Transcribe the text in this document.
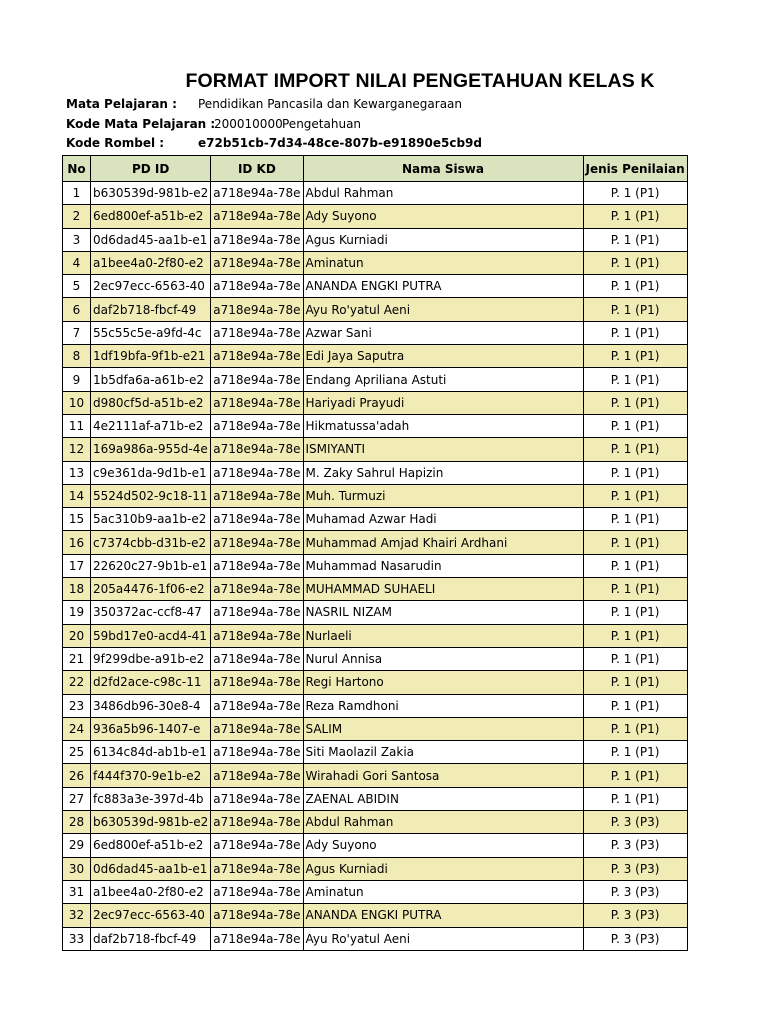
FORMAT IMPORT NILAI PENGETAHUAN KELAS K
Mata Pelajaran : Pendidikan Pancasila dan Kewarganegaraan
Kode Mata Pelajaran :
200010000 Pengetahuan
Kode Rombel :	e72b51cb-7d34-48ce-807b-e91890e5cb9d
No	PD ID	ID KD	Nama Siswa	Jenis Penilaian
1	b630539d-981b-e2	a718e94a-78e	Abdul Rahman	P. 1 (P1)
2	6ed800ef-a51b-e2	a718e94a-78e	Ady Suyono	P. 1 (P1)
3	0d6dad45-aa1b-e1	a718e94a-78e	Agus Kurniadi	P. 1 (P1)
4	a1bee4a0-2f80-e2	a718e94a-78e	Aminatun	P. 1 (P1)
5	2ec97ecc-6563-40	a718e94a-78e	ANANDA ENGKI PUTRA	P. 1 (P1)
6	daf2b718-fbcf-49	a718e94a-78e	Ayu Ro'yatul Aeni	P. 1 (P1)
7	55c55c5e-a9fd-4c	a718e94a-78e	Azwar Sani	P. 1 (P1)
8	1df19bfa-9f1b-e21	a718e94a-78e	Edi Jaya Saputra	P. 1 (P1)
9	1b5dfa6a-a61b-e2	a718e94a-78e	Endang Apriliana Astuti	P. 1 (P1)
10	d980cf5d-a51b-e2	a718e94a-78e	Hariyadi Prayudi	P. 1 (P1)
11	4e2111af-a71b-e2	a718e94a-78e	Hikmatussa'adah	P. 1 (P1)
12	169a986a-955d-4e	a718e94a-78e	ISMIYANTI	P. 1 (P1)
13	c9e361da-9d1b-e1	a718e94a-78e	M. Zaky Sahrul Hapizin	P. 1 (P1)
14	5524d502-9c18-11	a718e94a-78e	Muh. Turmuzi	P. 1 (P1)
15	5ac310b9-aa1b-e2	a718e94a-78e	Muhamad Azwar Hadi	P. 1 (P1)
16	c7374cbb-d31b-e2	a718e94a-78e	Muhammad Amjad Khairi Ardhani	P. 1 (P1)
17	22620c27-9b1b-e1	a718e94a-78e	Muhammad Nasarudin	P. 1 (P1)
18	205a4476-1f06-e2	a718e94a-78e	MUHAMMAD SUHAELI	P. 1 (P1)
19	350372ac-ccf8-47	a718e94a-78e	NASRIL NIZAM	P. 1 (P1)
20	59bd17e0-acd4-41	a718e94a-78e	Nurlaeli	P. 1 (P1)
21	9f299dbe-a91b-e2	a718e94a-78e	Nurul Annisa	P. 1 (P1)
22	d2fd2ace-c98c-11	a718e94a-78e	Regi Hartono	P. 1 (P1)
23	3486db96-30e8-4	a718e94a-78e	Reza Ramdhoni	P. 1 (P1)
24	936a5b96-1407-e	a718e94a-78e	SALIM	P. 1 (P1)
25	6134c84d-ab1b-e1	a718e94a-78e	Siti Maolazil Zakia	P. 1 (P1)
26	f444f370-9e1b-e2	a718e94a-78e	Wirahadi Gori Santosa	P. 1 (P1)
27	fc883a3e-397d-4b	a718e94a-78e	ZAENAL ABIDIN	P. 1 (P1)
28	b630539d-981b-e2	a718e94a-78e	Abdul Rahman	P. 3 (P3)
29	6ed800ef-a51b-e2	a718e94a-78e	Ady Suyono	P. 3 (P3)
30	0d6dad45-aa1b-e1	a718e94a-78e	Agus Kurniadi	P. 3 (P3)
31	a1bee4a0-2f80-e2	a718e94a-78e	Aminatun	P. 3 (P3)
32	2ec97ecc-6563-40	a718e94a-78e	ANANDA ENGKI PUTRA	P. 3 (P3)
33	daf2b718-fbcf-49	a718e94a-78e	Ayu Ro'yatul Aeni	P. 3 (P3)
